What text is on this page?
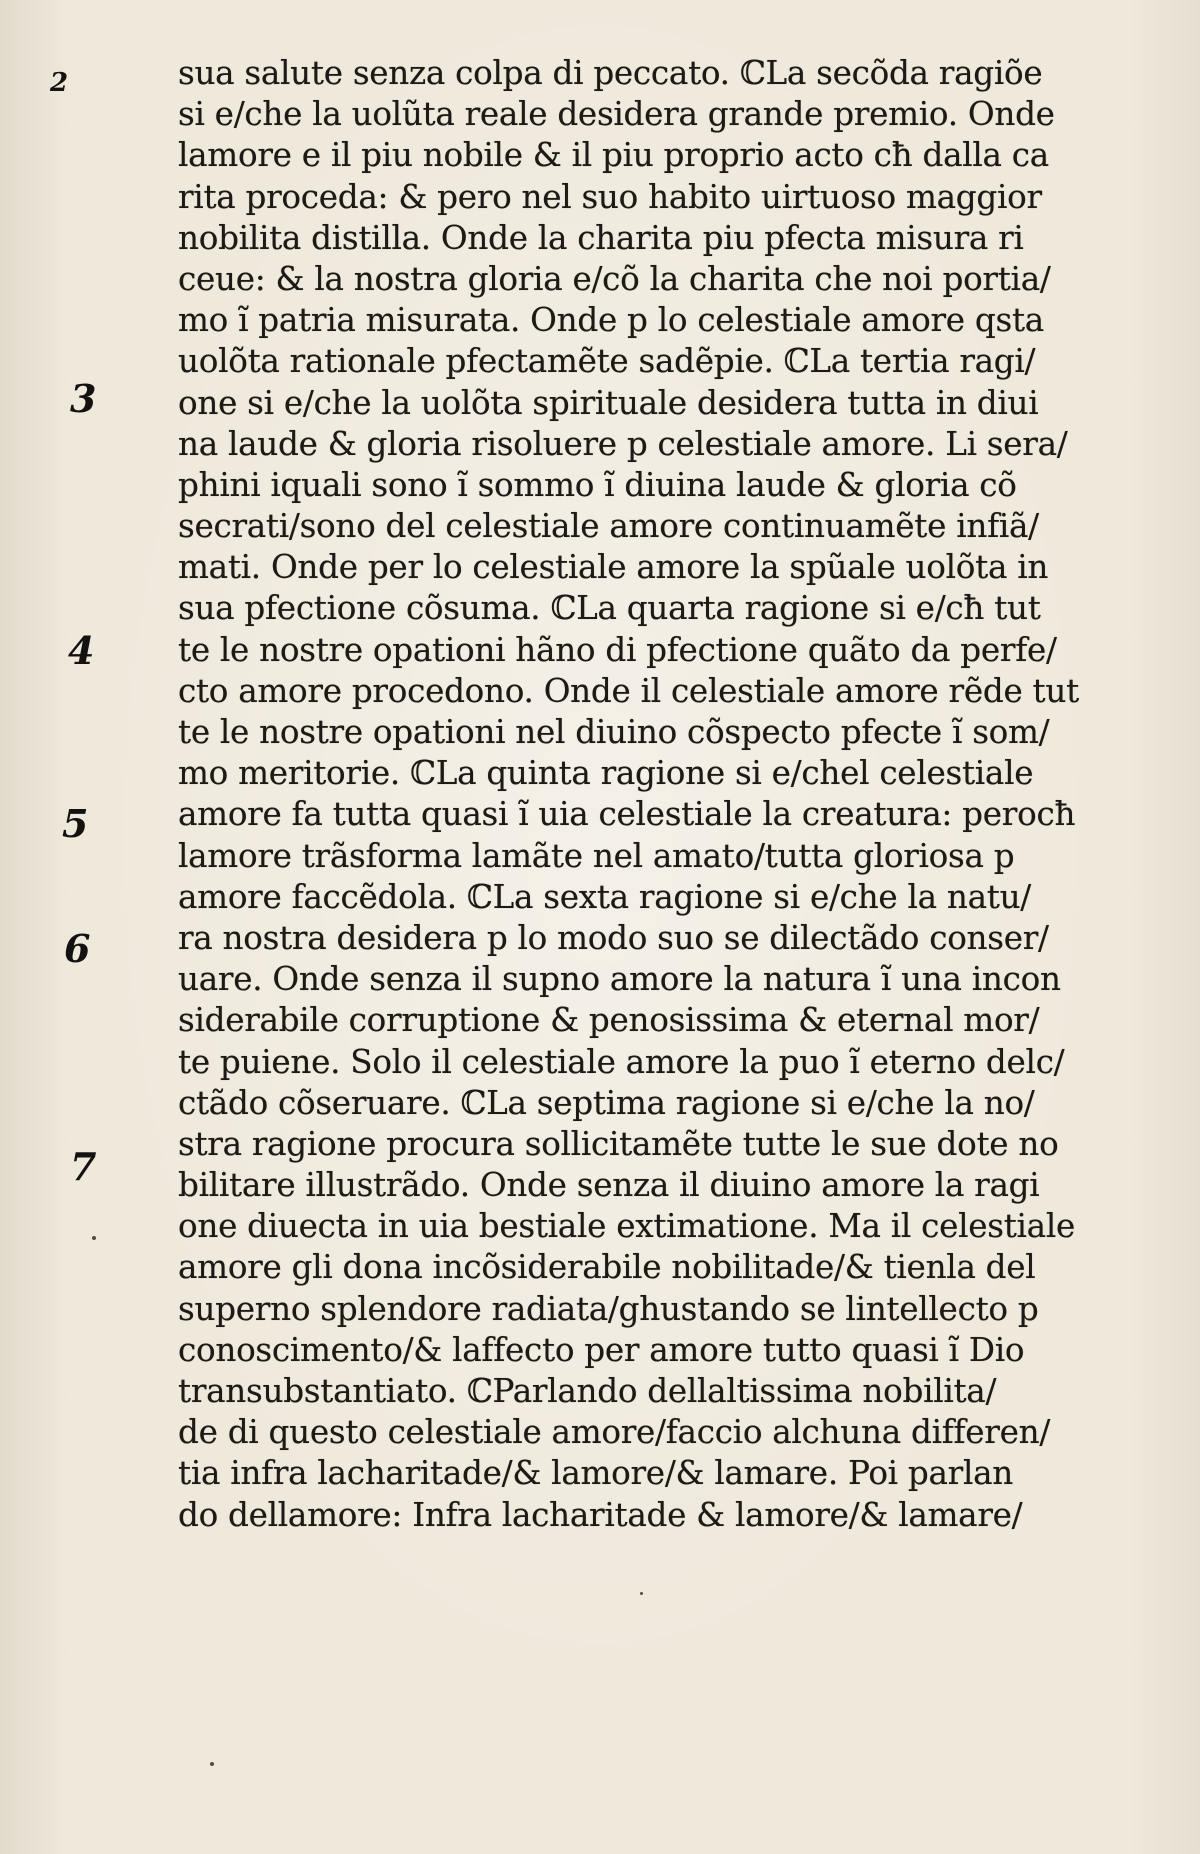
2
3
4
5
6
7
sua salute senza colpa di peccato. ℂLa secõda ragiõe
si e/che la uolũta reale desidera grande premio. Onde
lamore e il piu nobile & il piu proprio acto cħ dalla ca
rita proceda: & pero nel suo habito uirtuoso maggior
nobilita distilla. Onde la charita piu pfecta misura ri
ceue: & la nostra gloria e/cõ la charita che noi portia/
mo ĩ patria misurata. Onde p lo celestiale amore qsta
uolõta rationale pfectamẽte sadẽpie. ℂLa tertia ragi/
one si e/che la uolõta spirituale desidera tutta in diui
na laude & gloria risoluere p celestiale amore. Li sera/
phini iquali sono ĩ sommo ĩ diuina laude & gloria cõ
secrati/sono del celestiale amore continuamẽte infiã/
mati. Onde per lo celestiale amore la spũale uolõta in
sua pfectione cõsuma. ℂLa quarta ragione si e/cħ tut
te le nostre opationi hãno di pfectione quãto da perfe/
cto amore procedono. Onde il celestiale amore rẽde tut
te le nostre opationi nel diuino cõspecto pfecte ĩ som/
mo meritorie. ℂLa quinta ragione si e/chel celestiale
amore fa tutta quasi ĩ uia celestiale la creatura: perocħ
lamore trãsforma lamãte nel amato/tutta gloriosa p
amore faccẽdola. ℂLa sexta ragione si e/che la natu/
ra nostra desidera p lo modo suo se dilectãdo conser/
uare. Onde senza il supno amore la natura ĩ una incon
siderabile corruptione & penosissima & eternal mor/
te puiene. Solo il celestiale amore la puo ĩ eterno delc/
ctãdo cõseruare. ℂLa septima ragione si e/che la no/
stra ragione procura sollicitamẽte tutte le sue dote no
bilitare illustrãdo. Onde senza il diuino amore la ragi
one diuecta in uia bestiale extimatione. Ma il celestiale
amore gli dona incõsiderabile nobilitade/& tienla del
superno splendore radiata/ghustando se lintellecto p
conoscimento/& laffecto per amore tutto quasi ĩ Dio
transubstantiato. ℂParlando dellaltissima nobilita/
de di questo celestiale amore/faccio alchuna differen/
tia infra lacharitade/& lamore/& lamare. Poi parlan
do dellamore: Infra lacharitade & lamore/& lamare/
